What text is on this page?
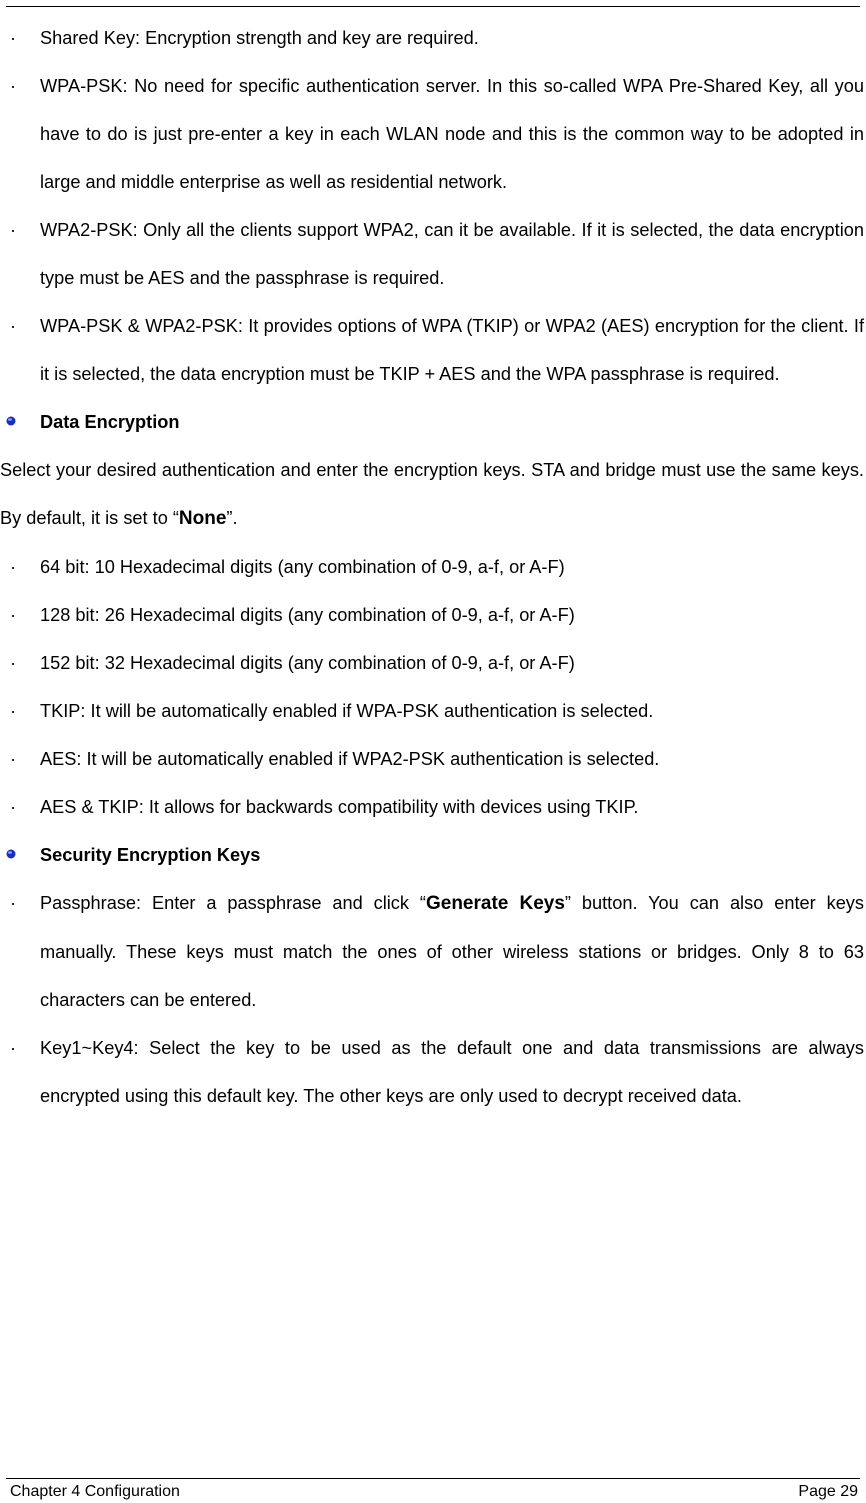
· Shared Key: Encryption strength and key are required.
· WPA-PSK: No need for specific authentication server. In this so-called WPA Pre-Shared Key, all you have to do is just pre-enter a key in each WLAN node and this is the common way to be adopted in large and middle enterprise as well as residential network.
· WPA2-PSK: Only all the clients support WPA2, can it be available. If it is selected, the data encryption type must be AES and the passphrase is required.
· WPA-PSK & WPA2-PSK: It provides options of WPA (TKIP) or WPA2 (AES) encryption for the client. If it is selected, the data encryption must be TKIP + AES and the WPA passphrase is required.
Data Encryption
Select your desired authentication and enter the encryption keys. STA and bridge must use the same keys. By default, it is set to “None”.
· 64 bit: 10 Hexadecimal digits (any combination of 0-9, a-f, or A-F)
· 128 bit: 26 Hexadecimal digits (any combination of 0-9, a-f, or A-F)
· 152 bit: 32 Hexadecimal digits (any combination of 0-9, a-f, or A-F)
· TKIP: It will be automatically enabled if WPA-PSK authentication is selected.
· AES: It will be automatically enabled if WPA2-PSK authentication is selected.
· AES & TKIP: It allows for backwards compatibility with devices using TKIP.
Security Encryption Keys
· Passphrase: Enter a passphrase and click “Generate Keys” button. You can also enter keys manually. These keys must match the ones of other wireless stations or bridges. Only 8 to 63 characters can be entered.
· Key1~Key4: Select the key to be used as the default one and data transmissions are always encrypted using this default key. The other keys are only used to decrypt received data.
Chapter 4 Configuration	Page 29
